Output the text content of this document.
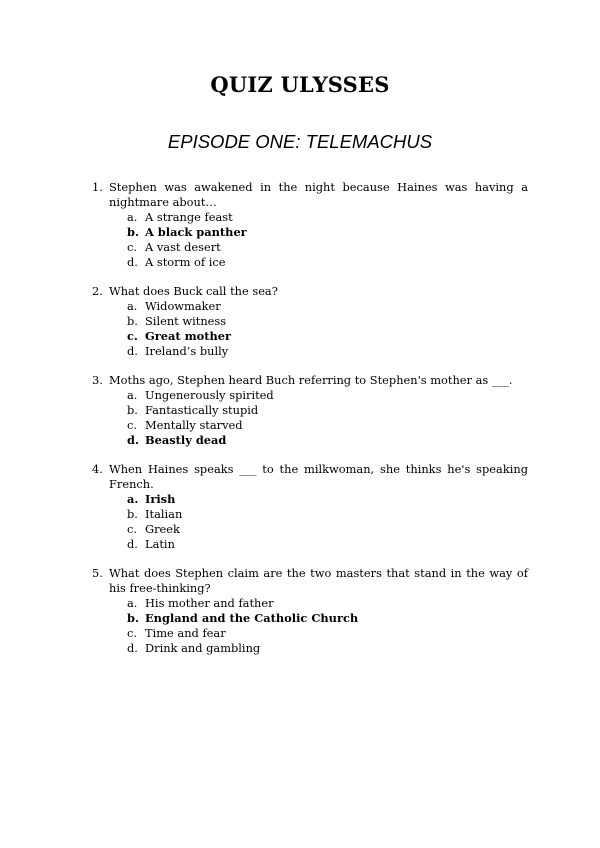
QUIZ ULYSSES
EPISODE ONE: TELEMACHUS
1. Stephen was awakened in the night because Haines was having a nightmare about…
a. A strange feast
b. A black panther
c. A vast desert
d. A storm of ice
2. What does Buck call the sea?
a. Widowmaker
b. Silent witness
c. Great mother
d. Ireland’s bully
3. Moths ago, Stephen heard Buch referring to Stephen's mother as ___.
a. Ungenerously spirited
b. Fantastically stupid
c. Mentally starved
d. Beastly dead
4. When Haines speaks ___ to the milkwoman, she thinks he's speaking French.
a. Irish
b. Italian
c. Greek
d. Latin
5. What does Stephen claim are the two masters that stand in the way of his free-thinking?
a. His mother and father
b. England and the Catholic Church
c. Time and fear
d. Drink and gambling
